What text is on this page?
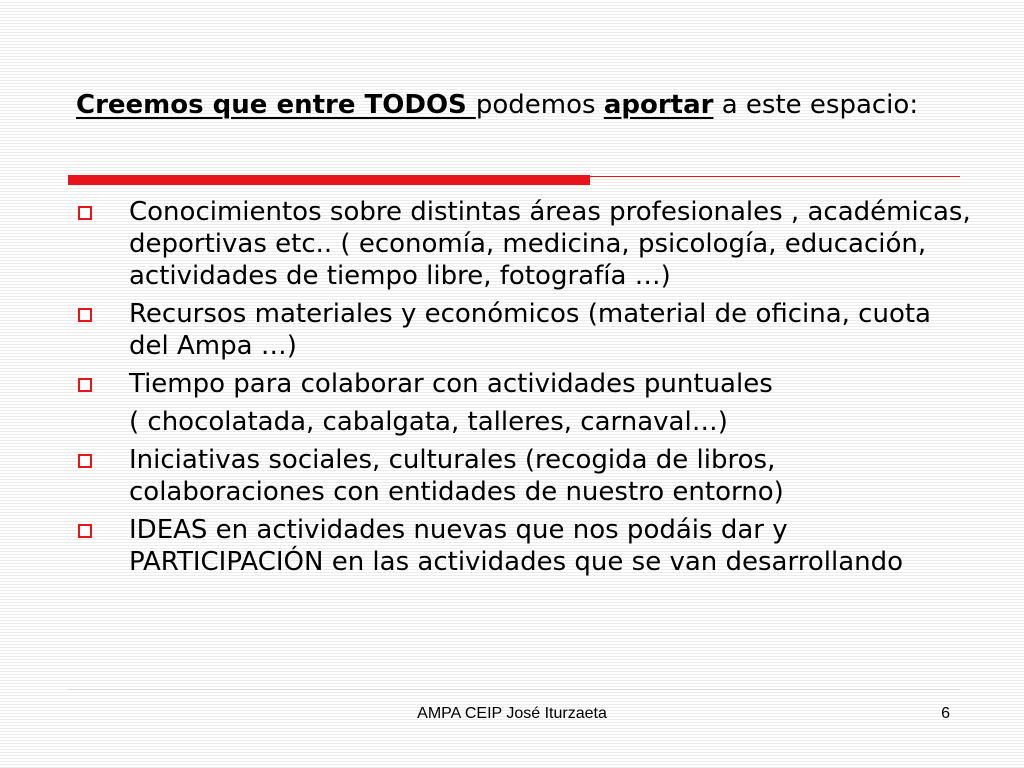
Creemos que entre TODOS podemos aportar a este espacio:
Conocimientos sobre distintas áreas profesionales , académicas, deportivas etc.. ( economía, medicina, psicología, educación, actividades de tiempo libre, fotografía …)
Recursos materiales y económicos (material de oficina, cuota del Ampa …)
Tiempo para colaborar con actividades puntuales
( chocolatada, cabalgata, talleres, carnaval…)
Iniciativas sociales, culturales (recogida de libros, colaboraciones con entidades de nuestro entorno)
IDEAS en actividades nuevas que nos podáis dar y PARTICIPACIÓN en las actividades que se van desarrollando
AMPA CEIP José Iturzaeta	6
